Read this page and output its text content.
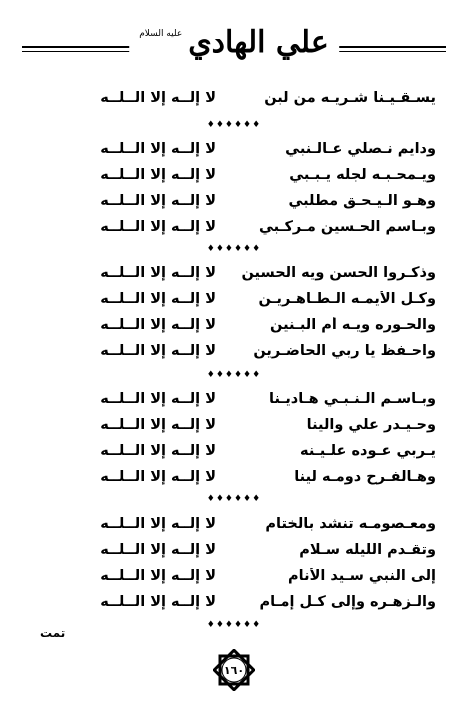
عليه السلام علي الهادي
يسـقـيـنا شـريـه من لبن
لا إلــه إلا الــلــه
♦♦♦♦♦♦
ودايم نـصلي عـالـنبي
لا إلــه إلا الــلــه
ويـمحـبـه لجله يـبـبي
لا إلــه إلا الــلــه
وهـو الـيـحـق مطلبي
لا إلــه إلا الــلــه
وبـاسم الحـسين مـركـبي
لا إلــه إلا الــلــه
♦♦♦♦♦♦
وذكـروا الحسن ويه الحسين
لا إلــه إلا الــلــه
وكـل الأيمـه الـطـاهـريـن
لا إلــه إلا الــلــه
والحـوره ويـه أم البـنين
لا إلــه إلا الــلــه
واحـفظ يا ربي الحاضـرين
لا إلــه إلا الــلــه
♦♦♦♦♦♦
وبـاسـم الـنـبـي هـاديـنا
لا إلــه إلا الــلــه
وحـيـدر علي والينا
لا إلــه إلا الــلــه
يـربي عـوده علـيـنه
لا إلــه إلا الــلــه
وهـالفـرح دومـه لينا
لا إلــه إلا الــلــه
♦♦♦♦♦♦
ومعـصومـه تنشد بالختام
لا إلــه إلا الــلــه
وتقـدم الليله سـلام
لا إلــه إلا الــلــه
إلى النبي سـيد الأنام
لا إلــه إلا الــلــه
والـزهـره وإلى كـل إمـام
لا إلــه إلا الــلــه
♦♦♦♦♦♦
تمت
١٦٠
